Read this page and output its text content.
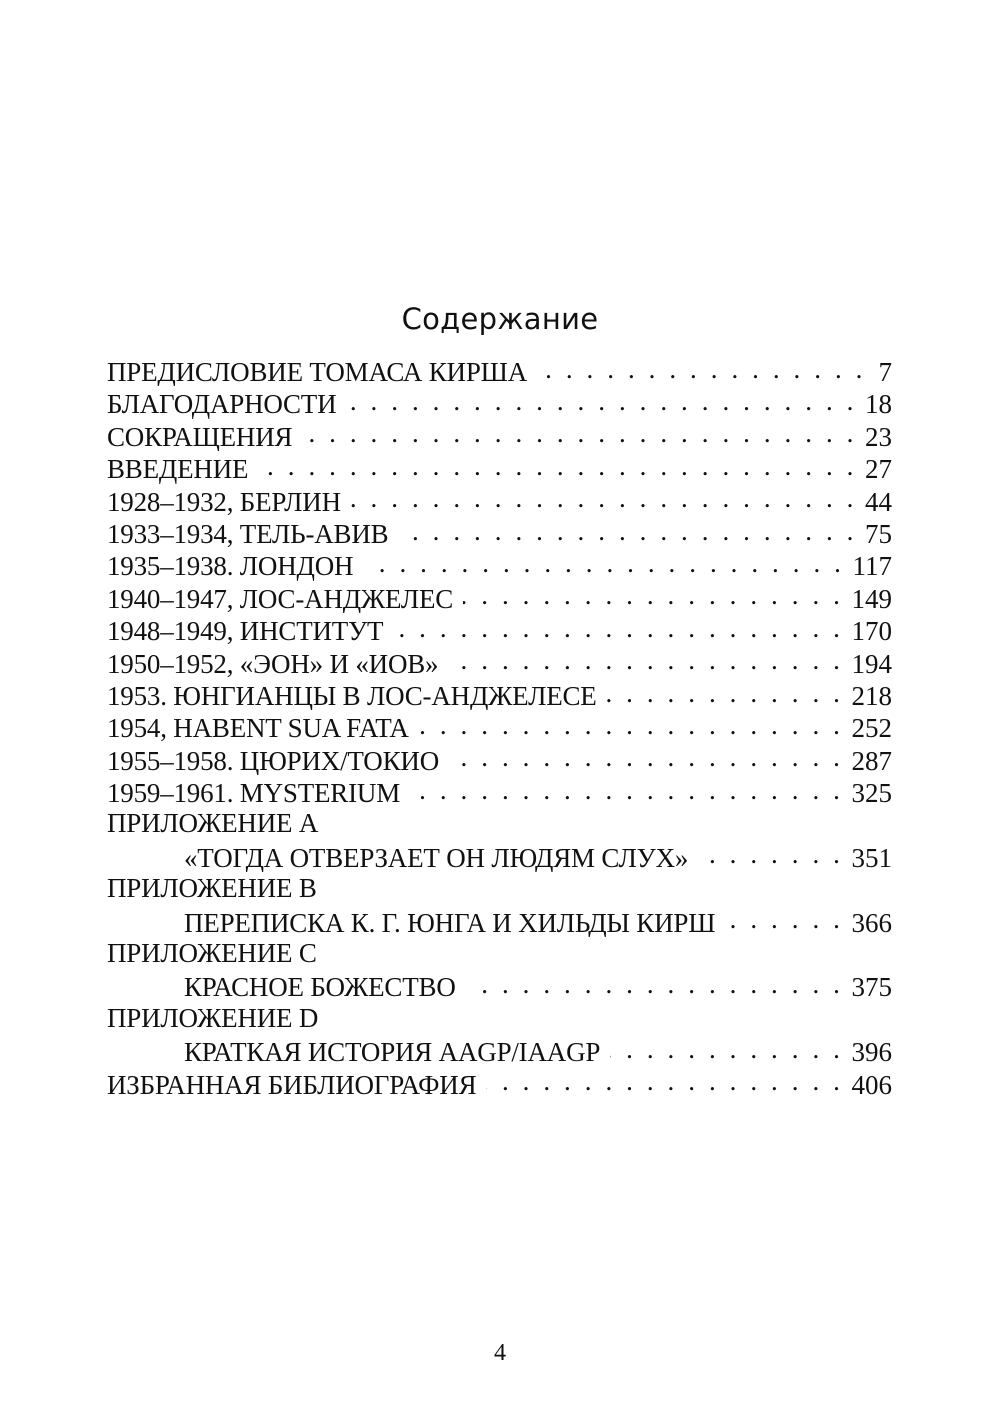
Содержание
ПРЕДИСЛОВИЕ ТОМАСА КИРША . . .	7
БЛАГОДАРНОСТИ . . .	18
СОКРАЩЕНИЯ . . .	23
ВВЕДЕНИЕ . . .	27
1928–1932, БЕРЛИН . . .	44
1933–1934, ТЕЛЬ-АВИВ . . .	75
1935–1938. ЛОНДОН . . .	117
1940–1947, ЛОС-АНДЖЕЛЕС . . .	149
1948–1949, ИНСТИТУТ . . .	170
1950–1952, «ЭОН» И «ИОВ» . . .	194
1953. ЮНГИАНЦЫ В ЛОС-АНДЖЕЛЕСЕ . . .	218
1954, HABENT SUA FATA . . .	252
1955–1958. ЦЮРИХ/ТОКИО . . .	287
1959–1961. MYSTERIUM . . .	325
ПРИЛОЖЕНИЕ A
«ТОГДА ОТВЕРЗАЕТ ОН ЛЮДЯМ СЛУХ» . . .	351
ПРИЛОЖЕНИЕ B
ПЕРЕПИСКА К. Г. ЮНГА И ХИЛЬДЫ КИРШ . . .	366
ПРИЛОЖЕНИЕ C
КРАСНОЕ БОЖЕСТВО . . .	375
ПРИЛОЖЕНИЕ D
КРАТКАЯ ИСТОРИЯ AAGP/IAAGP . . .	396
ИЗБРАННАЯ БИБЛИОГРАФИЯ . . .	406
4
